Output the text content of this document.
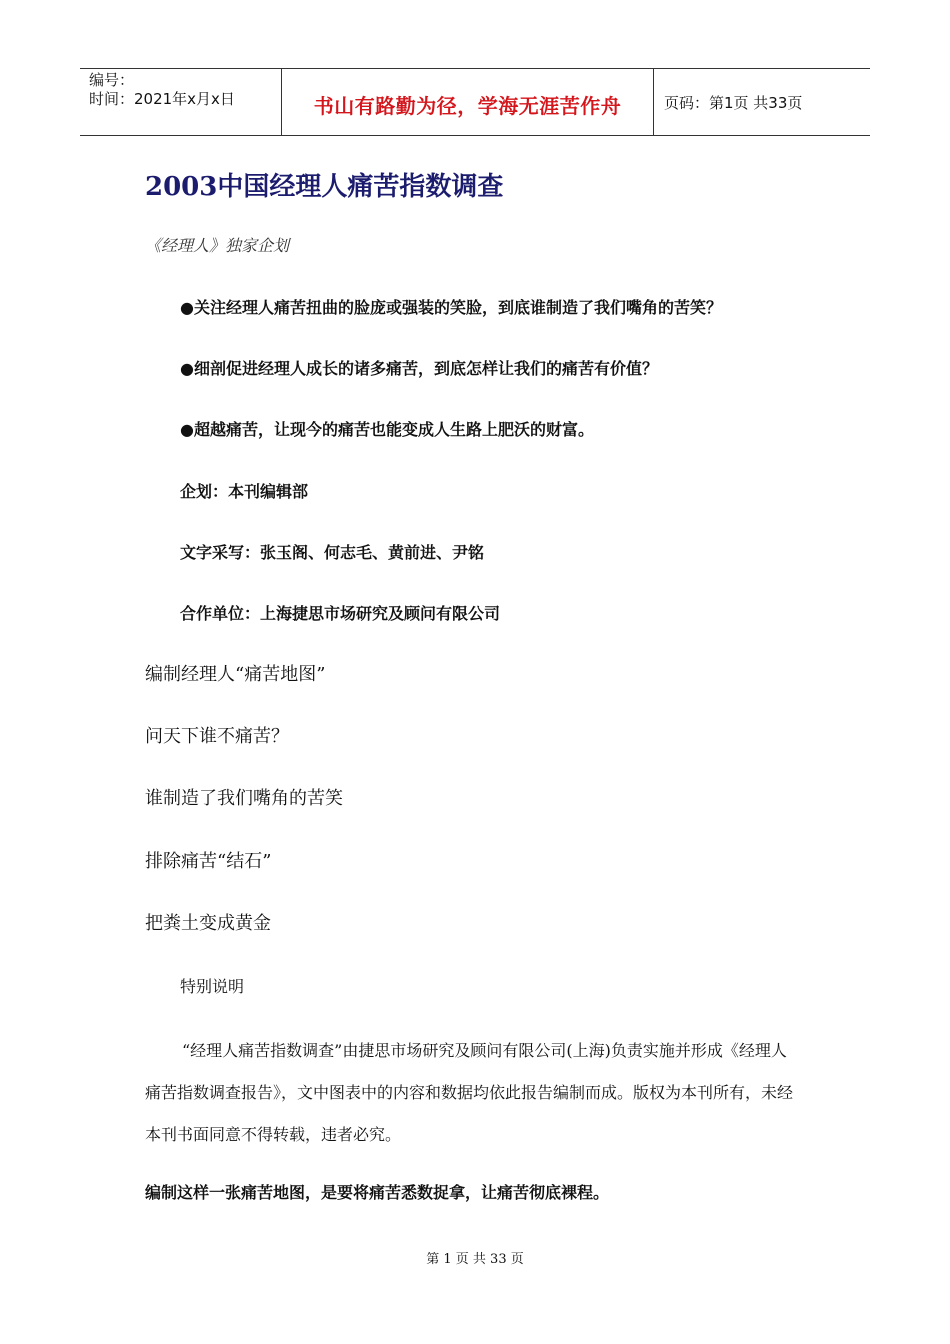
编号：
时间：2021年x月x日	书山有路勤为径，学海无涯苦作舟	页码：第1页 共33页
2003中国经理人痛苦指数调查
《经理人》独家企划
●关注经理人痛苦扭曲的脸庞或强装的笑脸，到底谁制造了我们嘴角的苦笑？
●细剖促进经理人成长的诸多痛苦，到底怎样让我们的痛苦有价值？
●超越痛苦，让现今的痛苦也能变成人生路上肥沃的财富。
企划：本刊编辑部
文字采写：张玉阁、何志毛、黄前进、尹铭
合作单位：上海捷思市场研究及顾问有限公司
编制经理人“痛苦地图”
问天下谁不痛苦？
谁制造了我们嘴角的苦笑
排除痛苦“结石”
把粪土变成黄金
特别说明
“经理人痛苦指数调查”由捷思市场研究及顾问有限公司(上海)负责实施并形成《经理人痛苦指数调查报告》，文中图表中的内容和数据均依此报告编制而成。版权为本刊所有，未经本刊书面同意不得转载，违者必究。
编制这样一张痛苦地图，是要将痛苦悉数捉拿，让痛苦彻底裸程。
第 1 页 共 33 页
